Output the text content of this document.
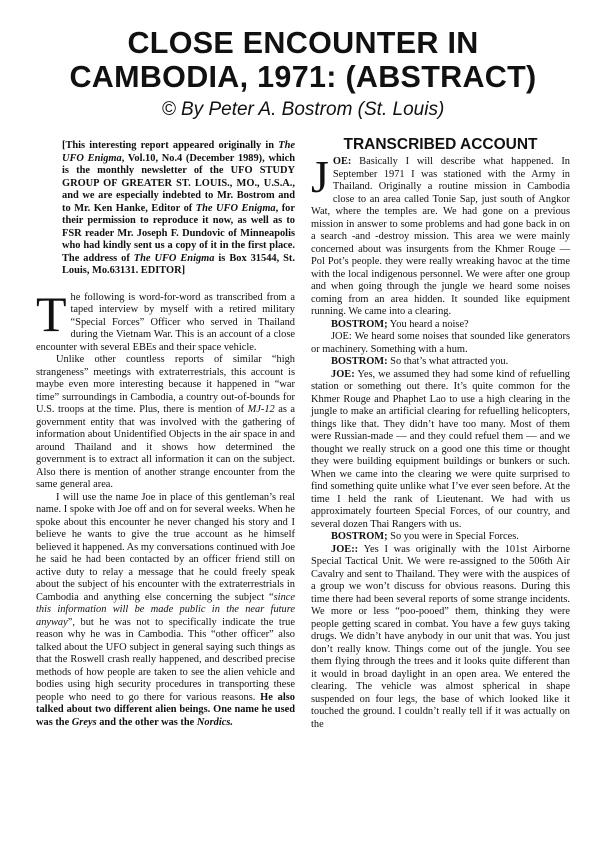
CLOSE ENCOUNTER IN CAMBODIA, 1971: (ABSTRACT)
© By Peter A. Bostrom (St. Louis)

[This interesting report appeared originally in The UFO Enigma, Vol.10, No.4 (December 1989), which is the monthly newsletter of the UFO STUDY GROUP OF GREATER ST. LOUIS., MO., U.S.A., and we are especially indebted to Mr. Bostrom and to Mr. Ken Hanke, Editor of The UFO Enigma, for their permission to reproduce it now, as well as to FSR reader Mr. Joseph F. Dundovic of Minneapolis who had kindly sent us a copy of it in the first place. The address of The UFO Enigma is Box 31544, St. Louis, Mo.63131. EDITOR]

The following is word-for-word as transcribed from a taped interview by myself with a retired military “Special Forces” Officer who served in Thailand during the Vietnam War. This is an account of a close encounter with several EBEs and their space vehicle.

Unlike other countless reports of similar “high strangeness” meetings with extraterrestrials, this account is maybe even more interesting because it happened in “war time” surroundings in Cambodia, a country out-of-bounds for U.S. troops at the time. Plus, there is mention of MJ-12 as a government entity that was involved with the gathering of information about Unidentified Objects in the air space in and around Thailand and it shows how determined the government is to extract all information it can on the subject. Also there is mention of another strange encounter from the same general area.

I will use the name Joe in place of this gentleman’s real name. I spoke with Joe off and on for several weeks. When he spoke about this encounter he never changed his story and I believe he wants to give the true account as he himself believed it happened. As my conversations continued with Joe he said he had been contacted by an officer friend still on active duty to relay a message that he could freely speak about the subject of his encounter with the extraterrestrials in Cambodia and anything else concerning the subject “since this information will be made public in the near future anyway”, but he was not to specifically indicate the true reason why he was in Cambodia. This “other officer” also talked about the UFO subject in general saying such things as that the Roswell crash really happened, and described precise methods of how people are taken to see the alien vehicle and bodies using high security procedures in transporting these people who need to go there for various reasons. He also talked about two different alien beings. One name he used was the Greys and the other was the Nordics.

TRANSCRIBED ACCOUNT

JOE: Basically I will describe what happened. In September 1971 I was stationed with the Army in Thailand. Originally a routine mission in Cambodia close to an area called Tonie Sap, just south of Angkor Wat, where the temples are. We had gone on a previous mission in answer to some problems and had gone back in on a search -and -destroy mission. This area we were mainly concerned about was insurgents from the Khmer Rouge — Pol Pot’s people. they were really wreaking havoc at the time with the local indigenous personnel. We were after one group and when going through the jungle we heard some noises coming from an area hidden. It sounded like equipment running. We came into a clearing.

BOSTROM; You heard a noise?

JOE: We heard some noises that sounded like generators or machinery. Something with a hum.

BOSTROM: So that’s what attracted you.

JOE: Yes, we assumed they had some kind of refuelling station or something out there. It’s quite common for the Khmer Rouge and Phaphet Lao to use a high clearing in the jungle to make an artificial clearing for refuelling helicopters, things like that. They didn’t have too many. Most of them were Russian-made — and they could refuel them — and we thought we really struck on a good one this time or thought they were building equipment buildings or bunkers or such. When we came into the clearing we were quite surprised to find something quite unlike what I’ve ever seen before. At the time I held the rank of Lieutenant. We had with us approximately fourteen Special Forces, of our country, and several dozen Thai Rangers with us.

BOSTROM; So you were in Special Forces.

JOE:: Yes I was originally with the 101st Airborne Special Tactical Unit. We were re-assigned to the 506th Air Cavalry and sent to Thailand. They were with the auspices of a group we won’t discuss for obvious reasons. During this time there had been several reports of some strange incidents. We more or less “poo-pooed” them, thinking they were people getting scared in combat. You have a few guys taking drugs. We didn’t have anybody in our unit that was. You just don’t really know. Things come out of the jungle. You see them flying through the trees and it looks quite different than it would in broad daylight in an open area. We entered the clearing. The vehicle was almost spherical in shape suspended on four legs, the base of which looked like it touched the ground. I couldn’t really tell if it was actually on the
